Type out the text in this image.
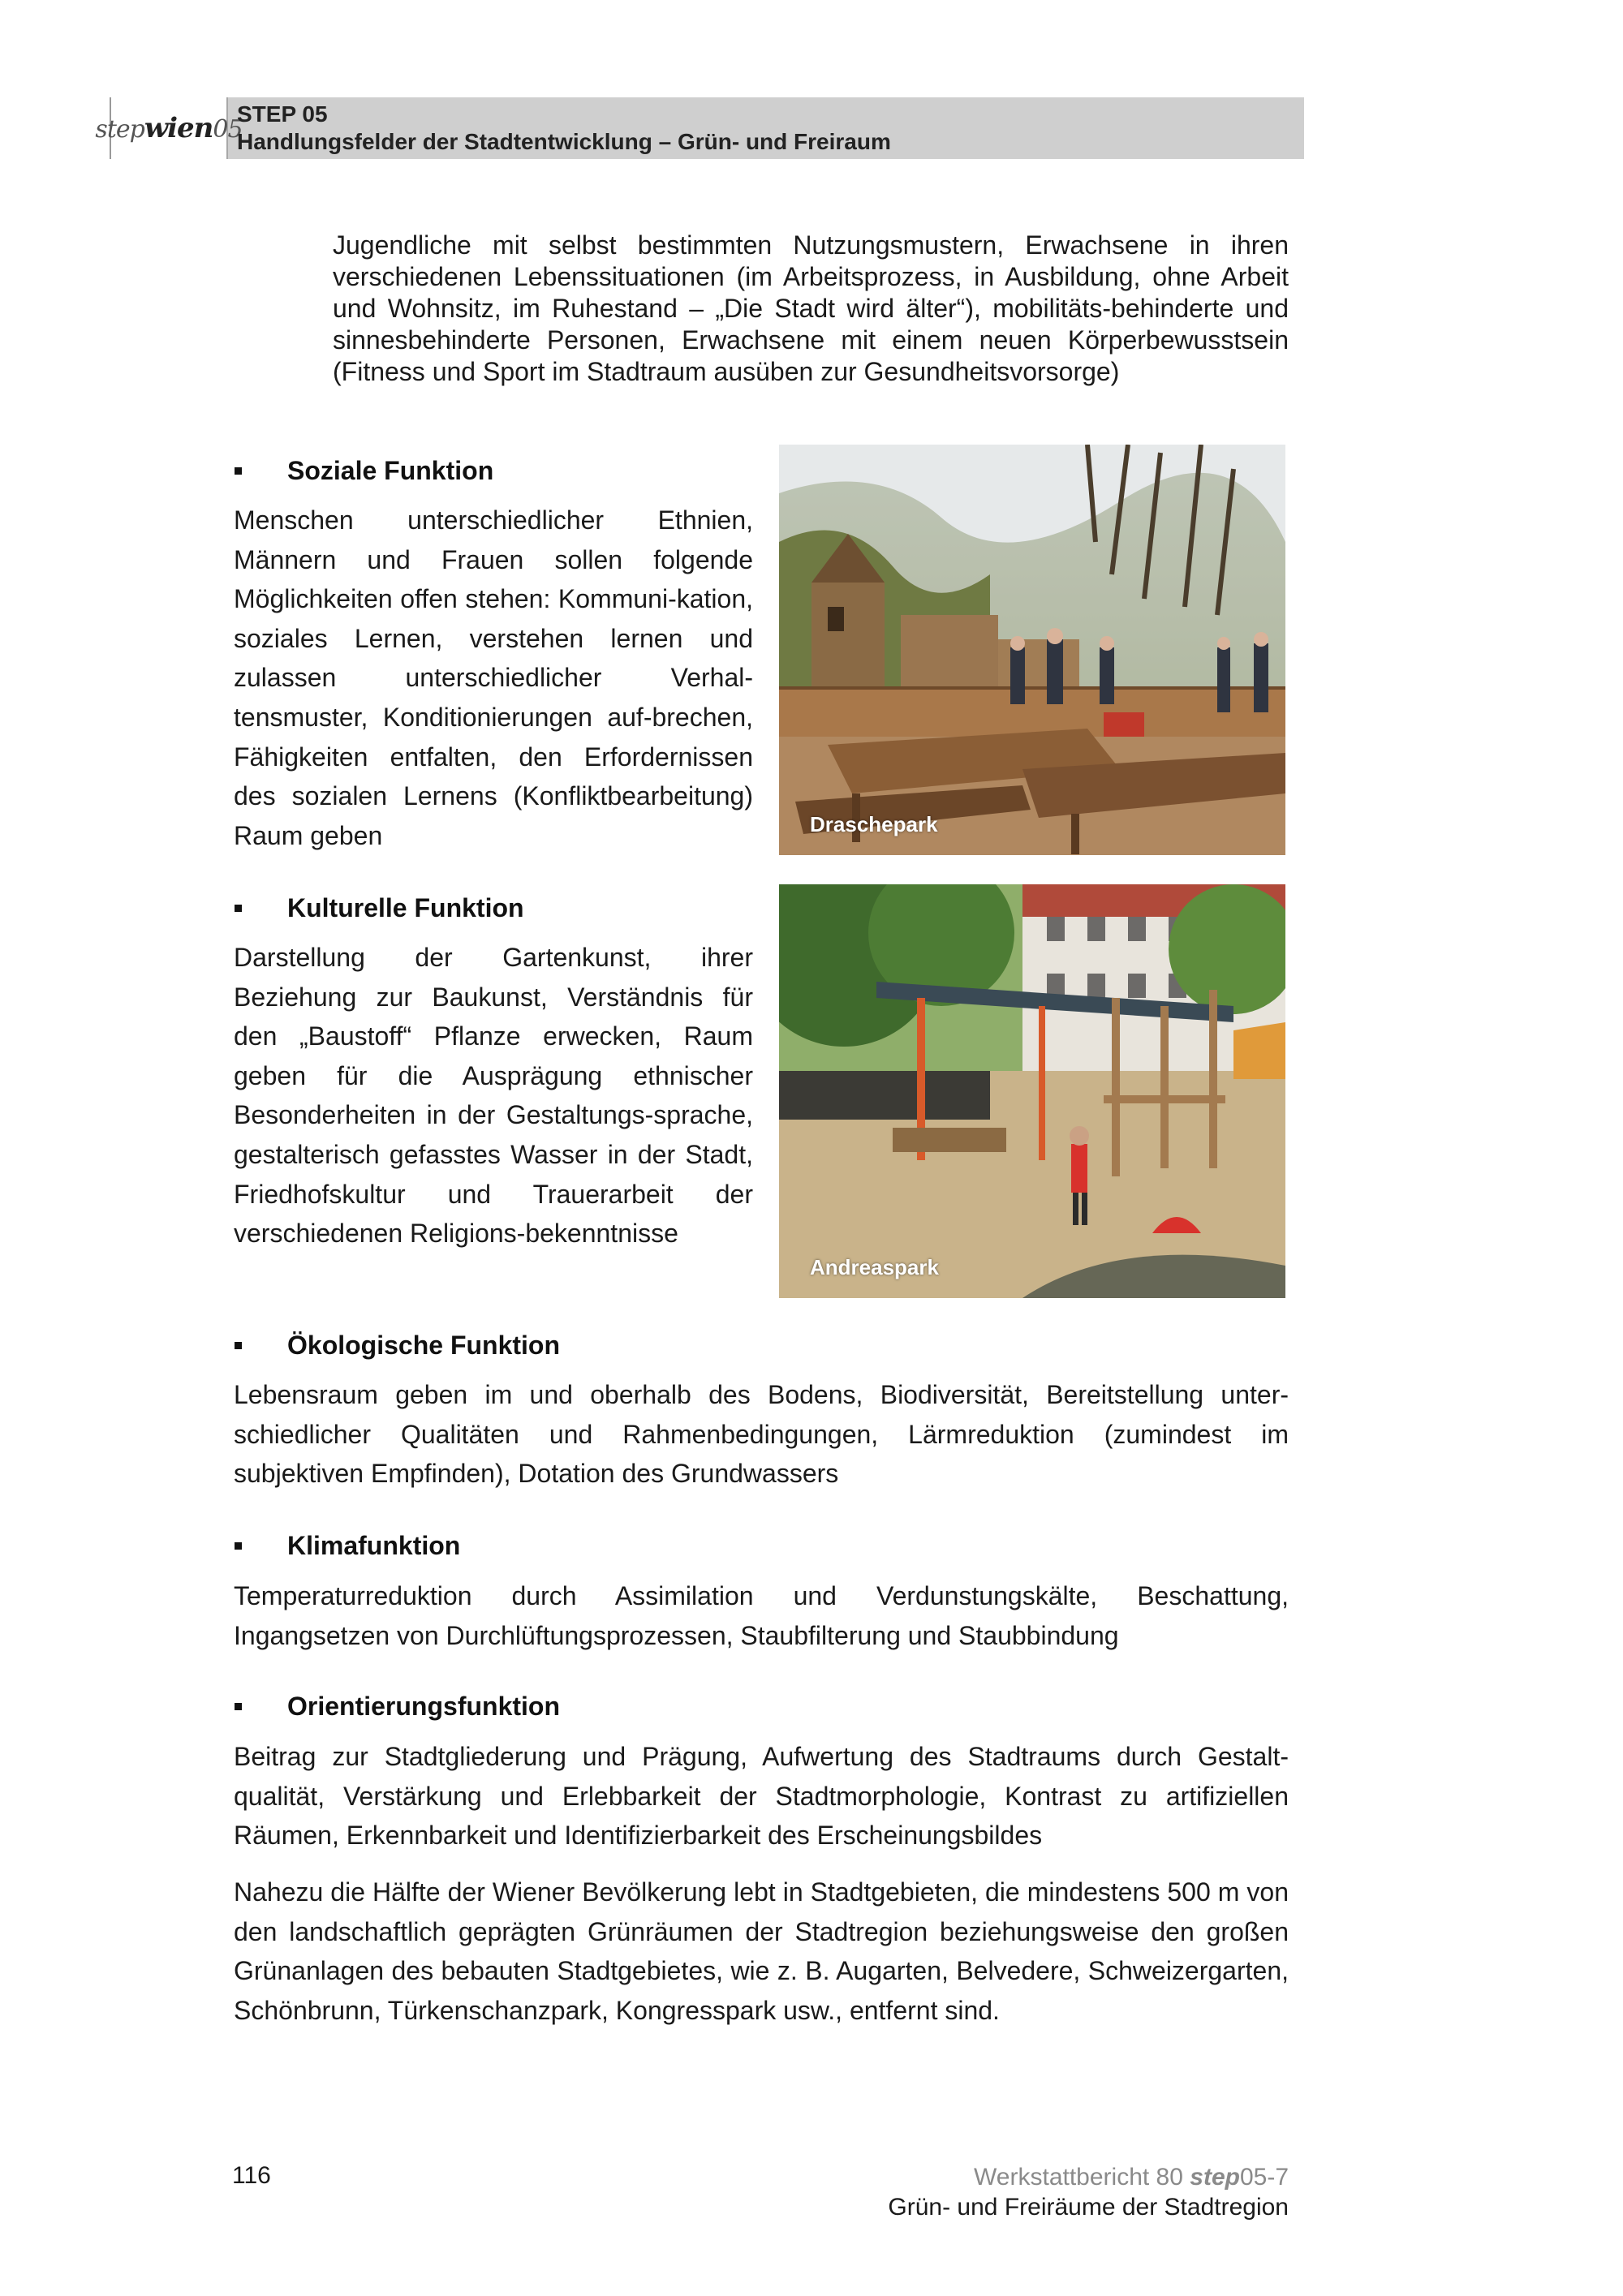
stepwien05
STEP 05
Handlungsfelder der Stadtentwicklung – Grün- und Freiraum
Jugendliche mit selbst bestimmten Nutzungsmustern, Erwachsene in ihren verschiedenen Lebenssituationen (im Arbeitsprozess, in Ausbildung, ohne Arbeit und Wohnsitz, im Ruhestand – „Die Stadt wird älter“), mobilitäts-behinderte und sinnesbehinderte Personen, Erwachsene mit einem neuen Körperbewusstsein (Fitness und Sport im Stadtraum ausüben zur Gesundheitsvorsorge)
Soziale Funktion
Menschen unterschiedlicher Ethnien, Männern und Frauen sollen folgende Möglichkeiten offen stehen: Kommuni-kation, soziales Lernen, verstehen lernen und zulassen unterschiedlicher Verhal-tensmuster, Konditionierungen auf-brechen, Fähigkeiten entfalten, den Erfordernissen des sozialen Lernens (Konfliktbearbeitung) Raum geben	Draschepark
Kulturelle Funktion
Darstellung der Gartenkunst, ihrer Beziehung zur Baukunst, Verständnis für den „Baustoff“ Pflanze erwecken, Raum geben für die Ausprägung ethnischer Besonderheiten in der Gestaltungs-sprache, gestalterisch gefasstes Wasser in der Stadt, Friedhofskultur und Trauerarbeit der verschiedenen Religions-bekenntnisse
Andreaspark
Ökologische Funktion
Lebensraum geben im und oberhalb des Bodens, Biodiversität, Bereitstellung unter-schiedlicher Qualitäten und Rahmenbedingungen, Lärmreduktion (zumindest im subjektiven Empfinden), Dotation des Grundwassers
Klimafunktion
Temperaturreduktion durch Assimilation und Verdunstungskälte, Beschattung, Ingangsetzen von Durchlüftungsprozessen, Staubfilterung und Staubbindung
Orientierungsfunktion
Beitrag zur Stadtgliederung und Prägung, Aufwertung des Stadtraums durch Gestalt-qualität, Verstärkung und Erlebbarkeit der Stadtmorphologie, Kontrast zu artifiziellen Räumen, Erkennbarkeit und Identifizierbarkeit des Erscheinungsbildes
Nahezu die Hälfte der Wiener Bevölkerung lebt in Stadtgebieten, die mindestens 500 m von den landschaftlich geprägten Grünräumen der Stadtregion beziehungsweise den großen Grünanlagen des bebauten Stadtgebietes, wie z. B. Augarten, Belvedere, Schweizergarten, Schönbrunn, Türkenschanzpark, Kongresspark usw., entfernt sind.
116	Werkstattbericht 80 step05-7
Grün- und Freiräume der Stadtregion
